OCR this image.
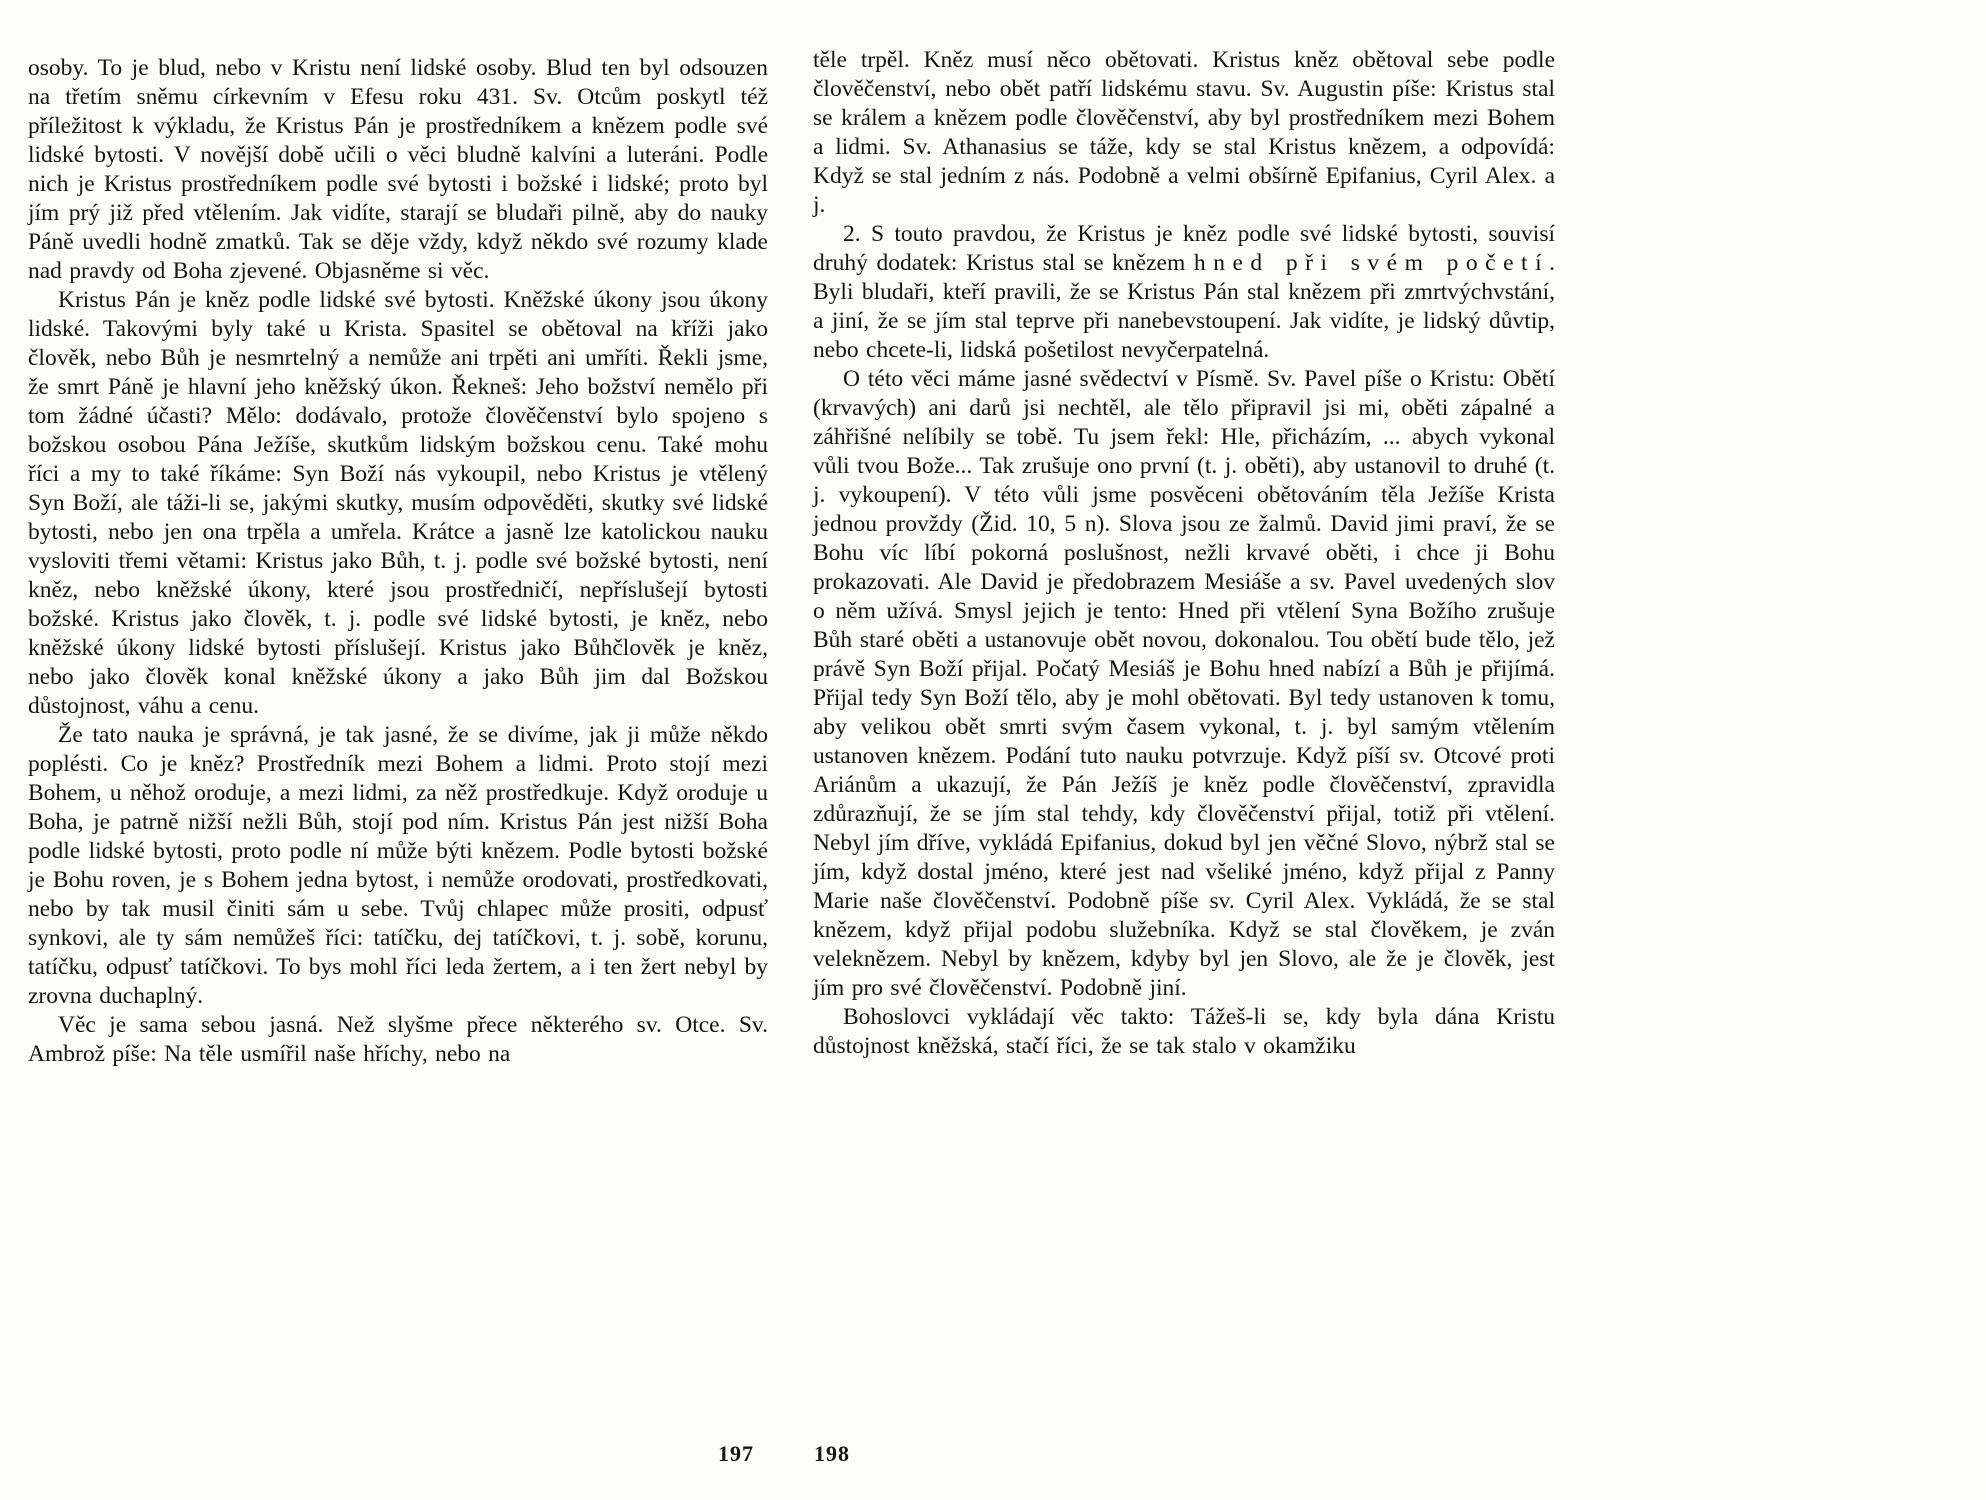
osoby. To je blud, nebo v Kristu není lidské osoby. Blud ten byl odsouzen na třetím sněmu církevním v Efesu roku 431. Sv. Otcům poskytl též příležitost k výkladu, že Kristus Pán je prostředníkem a knězem podle své lidské bytosti. V novější době učili o věci bludně kalvíni a luteráni. Podle nich je Kristus prostředníkem podle své bytosti i božské i lidské; proto byl jím prý již před vtělením. Jak vidíte, starají se bludaři pilně, aby do nauky Páně uvedli hodně zmatků. Tak se děje vždy, když někdo své rozumy klade nad pravdy od Boha zjevené. Objasněme si věc.

Kristus Pán je kněz podle lidské své bytosti. Kněžské úkony jsou úkony lidské. Takovými byly také u Krista. Spasitel se obětoval na kříži jako člověk, nebo Bůh je nesmrtelný a nemůže ani trpěti ani umříti. Řekli jsme, že smrt Páně je hlavní jeho kněžský úkon. Řekneš: Jeho božství nemělo při tom žádné účasti? Mělo: dodávalo, protože člověčenství bylo spojeno s božskou osobou Pána Ježíše, skutkům lidským božskou cenu. Také mohu říci a my to také říkáme: Syn Boží nás vykoupil, nebo Kristus je vtělený Syn Boží, ale táži-li se, jakými skutky, musím odpověděti, skutky své lidské bytosti, nebo jen ona trpěla a umřela. Krátce a jasně lze katolickou nauku vysloviti třemi větami: Kristus jako Bůh, t. j. podle své božské bytosti, není kněz, nebo kněžské úkony, které jsou prostředničí, nepříslušejí bytosti božské. Kristus jako člověk, t. j. podle své lidské bytosti, je kněz, nebo kněžské úkony lidské bytosti příslušejí. Kristus jako Bůhčlověk je kněz, nebo jako člověk konal kněžské úkony a jako Bůh jim dal Božskou důstojnost, váhu a cenu.

Že tato nauka je správná, je tak jasné, že se divíme, jak ji může někdo poplésti. Co je kněz? Prostředník mezi Bohem a lidmi. Proto stojí mezi Bohem, u něhož oroduje, a mezi lidmi, za něž prostředkuje. Když oroduje u Boha, je patrně nižší nežli Bůh, stojí pod ním. Kristus Pán jest nižší Boha podle lidské bytosti, proto podle ní může býti knězem. Podle bytosti božské je Bohu roven, je s Bohem jedna bytost, i nemůže orodovati, prostředkovati, nebo by tak musil činiti sám u sebe. Tvůj chlapec může prositi, odpusť synkovi, ale ty sám nemůžeš říci: tatíčku, dej tatíčkovi, t. j. sobě, korunu, tatíčku, odpusť tatíčkovi. To bys mohl říci leda žertem, a i ten žert nebyl by zrovna duchaplný.

Věc je sama sebou jasná. Než slyšme přece některého sv. Otce. Sv. Ambrož píše: Na těle usmířil naše hříchy, nebo na

těle trpěl. Kněz musí něco obětovati. Kristus kněz obětoval sebe podle člověčenství, nebo obět patří lidskému stavu. Sv. Augustin píše: Kristus stal se králem a knězem podle člověčenství, aby byl prostředníkem mezi Bohem a lidmi. Sv. Athanasius se táže, kdy se stal Kristus knězem, a odpovídá: Když se stal jedním z nás. Podobně a velmi obšírně Epifanius, Cyril Alex. a j.

2. S touto pravdou, že Kristus je kněz podle své lidské bytosti, souvisí druhý dodatek: Kristus stal se knězem hned při svém početí. Byli bludaři, kteří pravili, že se Kristus Pán stal knězem při zmrtvýchvstání, a jiní, že se jím stal teprve při nanebevstoupení. Jak vidíte, je lidský důvtip, nebo chcete-li, lidská pošetilost nevyčerpatelná.

O této věci máme jasné svědectví v Písmě. Sv. Pavel píše o Kristu: Obětí (krvavých) ani darů jsi nechtěl, ale tělo připravil jsi mi, oběti zápalné a záhřišné nelíbily se tobě. Tu jsem řekl: Hle, přicházím, ... abych vykonal vůli tvou Bože... Tak zrušuje ono první (t. j. oběti), aby ustanovil to druhé (t. j. vykoupení). V této vůli jsme posvěceni obětováním těla Ježíše Krista jednou provždy (Žid. 10, 5 n). Slova jsou ze žalmů. David jimi praví, že se Bohu víc líbí pokorná poslušnost, nežli krvavé oběti, i chce ji Bohu prokazovati. Ale David je předobrazem Mesiáše a sv. Pavel uvedených slov o něm užívá. Smysl jejich je tento: Hned při vtělení Syna Božího zrušuje Bůh staré oběti a ustanovuje obět novou, dokonalou. Tou obětí bude tělo, jež právě Syn Boží přijal. Počatý Mesiáš je Bohu hned nabízí a Bůh je přijímá. Přijal tedy Syn Boží tělo, aby je mohl obětovati. Byl tedy ustanoven k tomu, aby velikou obět smrti svým časem vykonal, t. j. byl samým vtělením ustanoven knězem. Podání tuto nauku potvrzuje. Když píší sv. Otcové proti Ariánům a ukazují, že Pán Ježíš je kněz podle člověčenství, zpravidla zdůrazňují, že se jím stal tehdy, kdy člověčenství přijal, totiž při vtělení. Nebyl jím dříve, vykládá Epifanius, dokud byl jen věčné Slovo, nýbrž stal se jím, když dostal jméno, které jest nad všeliké jméno, když přijal z Panny Marie naše člověčenství. Podobně píše sv. Cyril Alex. Vykládá, že se stal knězem, když přijal podobu služebníka. Když se stal člověkem, je zván veleknězem. Nebyl by knězem, kdyby byl jen Slovo, ale že je člověk, jest jím pro své člověčenství. Podobně jiní.

Bohoslovci vykládají věc takto: Tážeš-li se, kdy byla dána Kristu důstojnost kněžská, stačí říci, že se tak stalo v okamžiku

197	198
